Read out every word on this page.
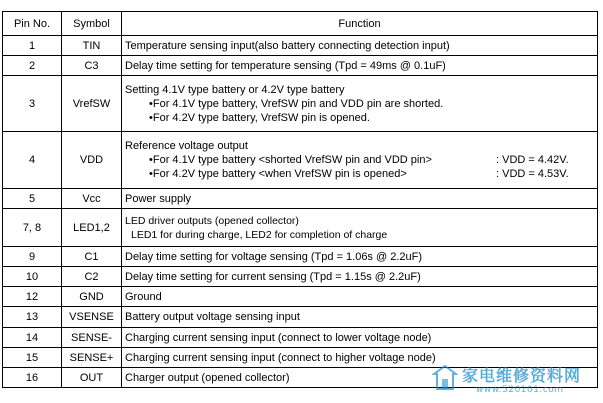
Pin No.	Symbol	Function
1	TIN	Temperature sensing input(also battery connecting detection input)
2	C3	Delay time setting for temperature sensing (Tpd = 49ms @ 0.1uF)
3	VrefSW	Setting 4.1V type battery or 4.2V type battery
•For 4.1V type battery, VrefSW pin and VDD pin are shorted.
•For 4.2V type battery, VrefSW pin is opened.

4	VDD	Reference voltage output
•For 4.1V type battery <shorted VrefSW pin and VDD pin> : VDD = 4.42V.
•For 4.2V type battery <when VrefSW pin is opened> : VDD = 4.53V.

5	Vcc	Power supply
7, 8	LED1,2	LED driver outputs (opened collector)
LED1 for during charge, LED2 for completion of charge

9	C1	Delay time setting for voltage sensing (Tpd = 1.06s @ 2.2uF)
10	C2	Delay time setting for current sensing (Tpd = 1.15s @ 2.2uF)
12	GND	Ground
13	VSENSE	Battery output voltage sensing input
14	SENSE-	Charging current sensing input (connect to lower voltage node)
15	SENSE+	Charging current sensing input (connect to higher voltage node)
16	OUT	Charger output (opened collector)	家电维修资料网
www.520101.com
